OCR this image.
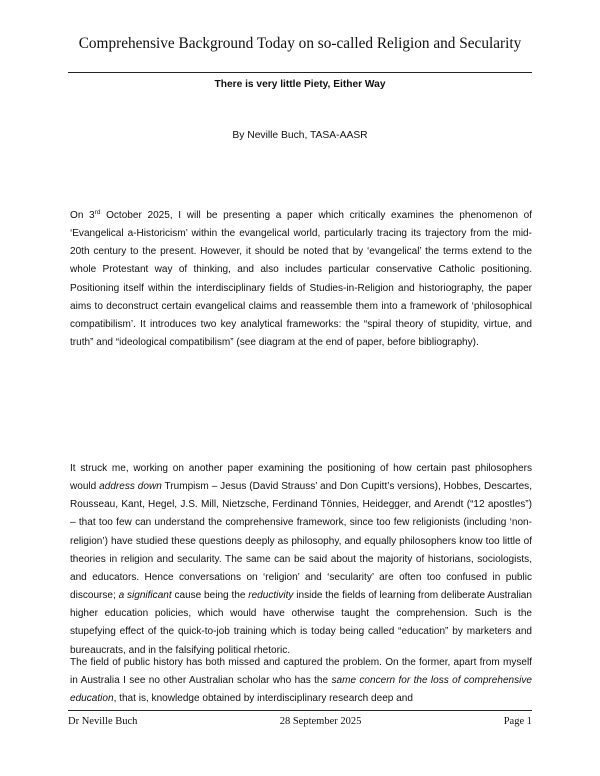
Comprehensive Background Today on so-called Religion and Secularity
There is very little Piety, Either Way
By Neville Buch, TASA-AASR

On 3rd October 2025, I will be presenting a paper which critically examines the phenomenon of ‘Evangelical a-Historicism’ within the evangelical world, particularly tracing its trajectory from the mid-20th century to the present. However, it should be noted that by ‘evangelical’ the terms extend to the whole Protestant way of thinking, and also includes particular conservative Catholic positioning. Positioning itself within the interdisciplinary fields of Studies-in-Religion and historiography, the paper aims to deconstruct certain evangelical claims and reassemble them into a framework of ‘philosophical compatibilism’. It introduces two key analytical frameworks: the “spiral theory of stupidity, virtue, and truth” and “ideological compatibilism” (see diagram at the end of paper, before bibliography).

It struck me, working on another paper examining the positioning of how certain past philosophers would address down Trumpism – Jesus (David Strauss’ and Don Cupitt’s versions), Hobbes, Descartes, Rousseau, Kant, Hegel, J.S. Mill, Nietzsche, Ferdinand Tönnies, Heidegger, and Arendt (“12 apostles”) – that too few can understand the comprehensive framework, since too few religionists (including ‘non-religion’) have studied these questions deeply as philosophy, and equally philosophers know too little of theories in religion and secularity. The same can be said about the majority of historians, sociologists, and educators. Hence conversations on ‘religion’ and ‘secularity’ are often too confused in public discourse; a significant cause being the reductivity inside the fields of learning from deliberate Australian higher education policies, which would have otherwise taught the comprehension. Such is the stupefying effect of the quick-to-job training which is today being called “education” by marketers and bureaucrats, and in the falsifying political rhetoric.

The field of public history has both missed and captured the problem. On the former, apart from myself in Australia I see no other Australian scholar who has the same concern for the loss of comprehensive education, that is, knowledge obtained by interdisciplinary research deep and

Dr Neville Buch	28 September 2025	Page 1
